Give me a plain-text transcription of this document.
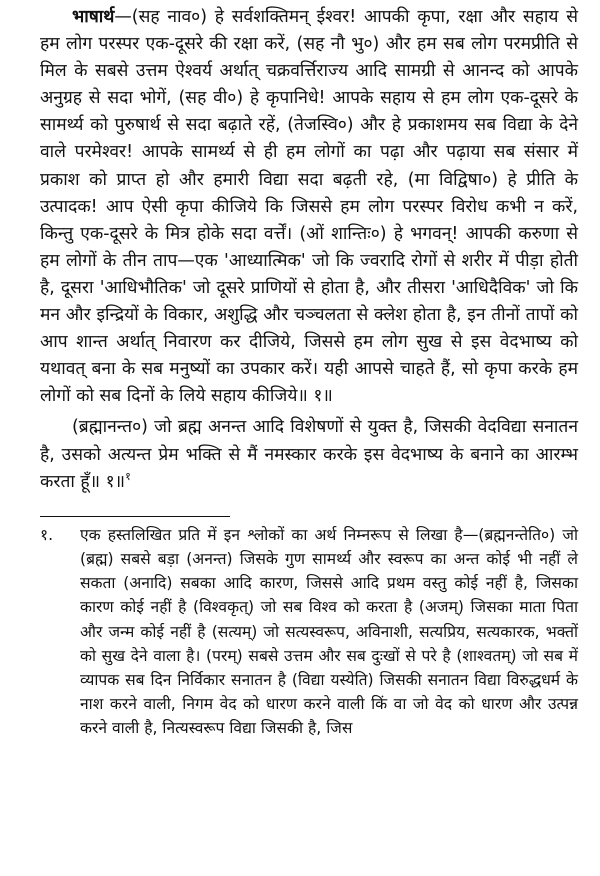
भाषार्थ—(सह नाव०) हे सर्वशक्तिमन् ईश्वर! आपकी कृपा, रक्षा और सहाय से हम लोग परस्पर एक-दूसरे की रक्षा करें, (सह नौ भु०) और हम सब लोग परमप्रीति से मिल के सबसे उत्तम ऐश्वर्य अर्थात् चक्रवर्त्तिराज्य आदि सामग्री से आनन्द को आपके अनुग्रह से सदा भोगें, (सह वी०) हे कृपानिधे! आपके सहाय से हम लोग एक-दूसरे के सामर्थ्य को पुरुषार्थ से सदा बढ़ाते रहें, (तेजस्वि०) और हे प्रकाशमय सब विद्या के देने वाले परमेश्वर! आपके सामर्थ्य से ही हम लोगों का पढ़ा और पढ़ाया सब संसार में प्रकाश को प्राप्त हो और हमारी विद्या सदा बढ़ती रहे, (मा विद्विषा०) हे प्रीति के उत्पादक! आप ऐसी कृपा कीजिये कि जिससे हम लोग परस्पर विरोध कभी न करें, किन्तु एक-दूसरे के मित्र होके सदा वर्त्तें। (ओं शान्तिः०) हे भगवन्! आपकी करुणा से हम लोगों के तीन ताप—एक 'आध्यात्मिक' जो कि ज्वरादि रोगों से शरीर में पीड़ा होती है, दूसरा 'आधिभौतिक' जो दूसरे प्राणियों से होता है, और तीसरा 'आधिदैविक' जो कि मन और इन्द्रियों के विकार, अशुद्धि और चञ्चलता से क्लेश होता है, इन तीनों तापों को आप शान्त अर्थात् निवारण कर दीजिये, जिससे हम लोग सुख से इस वेदभाष्य को यथावत् बना के सब मनुष्यों का उपकार करें। यही आपसे चाहते हैं, सो कृपा करके हम लोगों को सब दिनों के लिये सहाय कीजिये॥ १॥

(ब्रह्मानन्त०) जो ब्रह्म अनन्त आदि विशेषणों से युक्त है, जिसकी वेदविद्या सनातन है, उसको अत्यन्त प्रेम भक्ति से मैं नमस्कार करके इस वेदभाष्य के बनाने का आरम्भ करता हूँ॥ १॥$^१$

१.	एक हस्तलिखित प्रति में इन श्लोकों का अर्थ निम्नरूप से लिखा है—(ब्रह्मनन्तेति०) जो (ब्रह्म) सबसे बड़ा (अनन्त) जिसके गुण सामर्थ्य और स्वरूप का अन्त कोई भी नहीं ले सकता (अनादि) सबका आदि कारण, जिससे आदि प्रथम वस्तु कोई नहीं है, जिसका कारण कोई नहीं है (विश्वकृत्) जो सब विश्व को करता है (अजम्) जिसका माता पिता और जन्म कोई नहीं है (सत्यम्) जो सत्यस्वरूप, अविनाशी, सत्यप्रिय, सत्यकारक, भक्तों को सुख देने वाला है। (परम्) सबसे उत्तम और सब दुःखों से परे है (शाश्वतम्) जो सब में व्यापक सब दिन निर्विकार सनातन है (विद्या यस्येति) जिसकी सनातन विद्या विरुद्धधर्म के नाश करने वाली, निगम वेद को धारण करने वाली किं वा जो वेद को धारण और उत्पन्न करने वाली है, नित्यस्वरूप विद्या जिसकी है, जिस
